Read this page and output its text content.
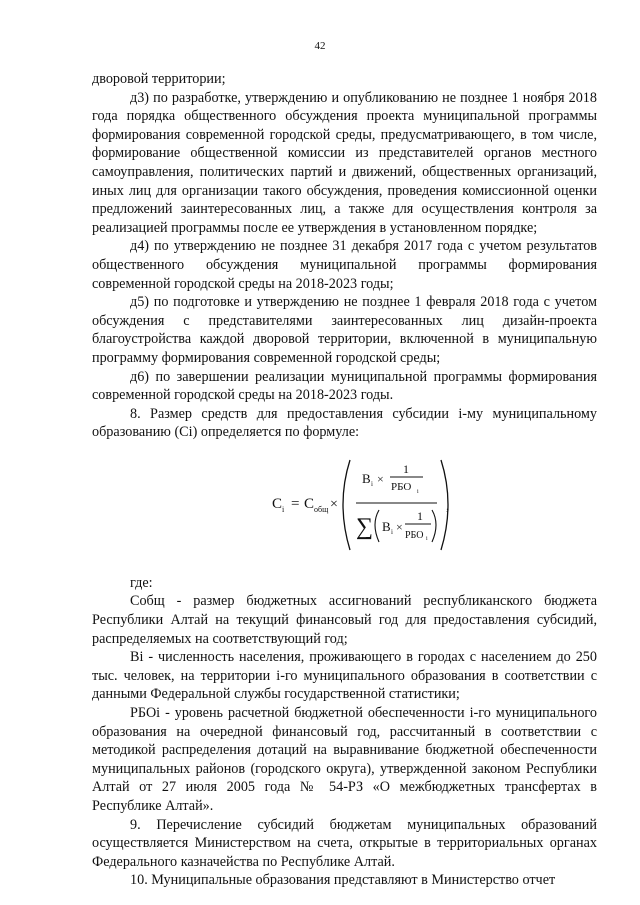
42

дворовой территории;

д3) по разработке, утверждению и опубликованию не позднее 1 ноября 2018 года порядка общественного обсуждения проекта муниципальной программы формирования современной городской среды, предусматривающего, в том числе, формирование общественной комиссии из представителей органов местного самоуправления, политических партий и движений, общественных организаций, иных лиц для организации такого обсуждения, проведения комиссионной оценки предложений заинтересованных лиц, а также для осуществления контроля за реализацией программы после ее утверждения в установленном порядке;

д4) по утверждению не позднее 31 декабря 2017 года с учетом результатов общественного обсуждения муниципальной программы формирования современной городской среды на 2018-2023 годы;

д5) по подготовке и утверждению не позднее 1 февраля 2018 года с учетом обсуждения с представителями заинтересованных лиц дизайн-проекта благоустройства каждой дворовой территории, включенной в муниципальную программу формирования современной городской среды;

д6) по завершении реализации муниципальной программы формирования современной городской среды на 2018-2023 годы.

8. Размер средств для предоставления субсидии i-му муниципальному образованию (Сi) определяется по формуле:

C i = C общ ×
В i ×
1
РБО i
∑ В i ×
1
РБО i
,

где:

Собщ - размер бюджетных ассигнований республиканского бюджета Республики Алтай на текущий финансовый год для предоставления субсидий, распределяемых на соответствующий год;

Вi - численность населения, проживающего в городах с населением до 250 тыс. человек, на территории i-го муниципального образования в соответствии с данными Федеральной службы государственной статистики;

РБОi - уровень расчетной бюджетной обеспеченности i-го муниципального образования на очередной финансовый год, рассчитанный в соответствии с методикой распределения дотаций на выравнивание бюджетной обеспеченности муниципальных районов (городского округа), утвержденной законом Республики Алтай от 27 июля 2005 года № 54-РЗ «О межбюджетных трансфертах в Республике Алтай».

9. Перечисление субсидий бюджетам муниципальных образований осуществляется Министерством на счета, открытые в территориальных органах Федерального казначейства по Республике Алтай.

10. Муниципальные образования представляют в Министерство отчет
